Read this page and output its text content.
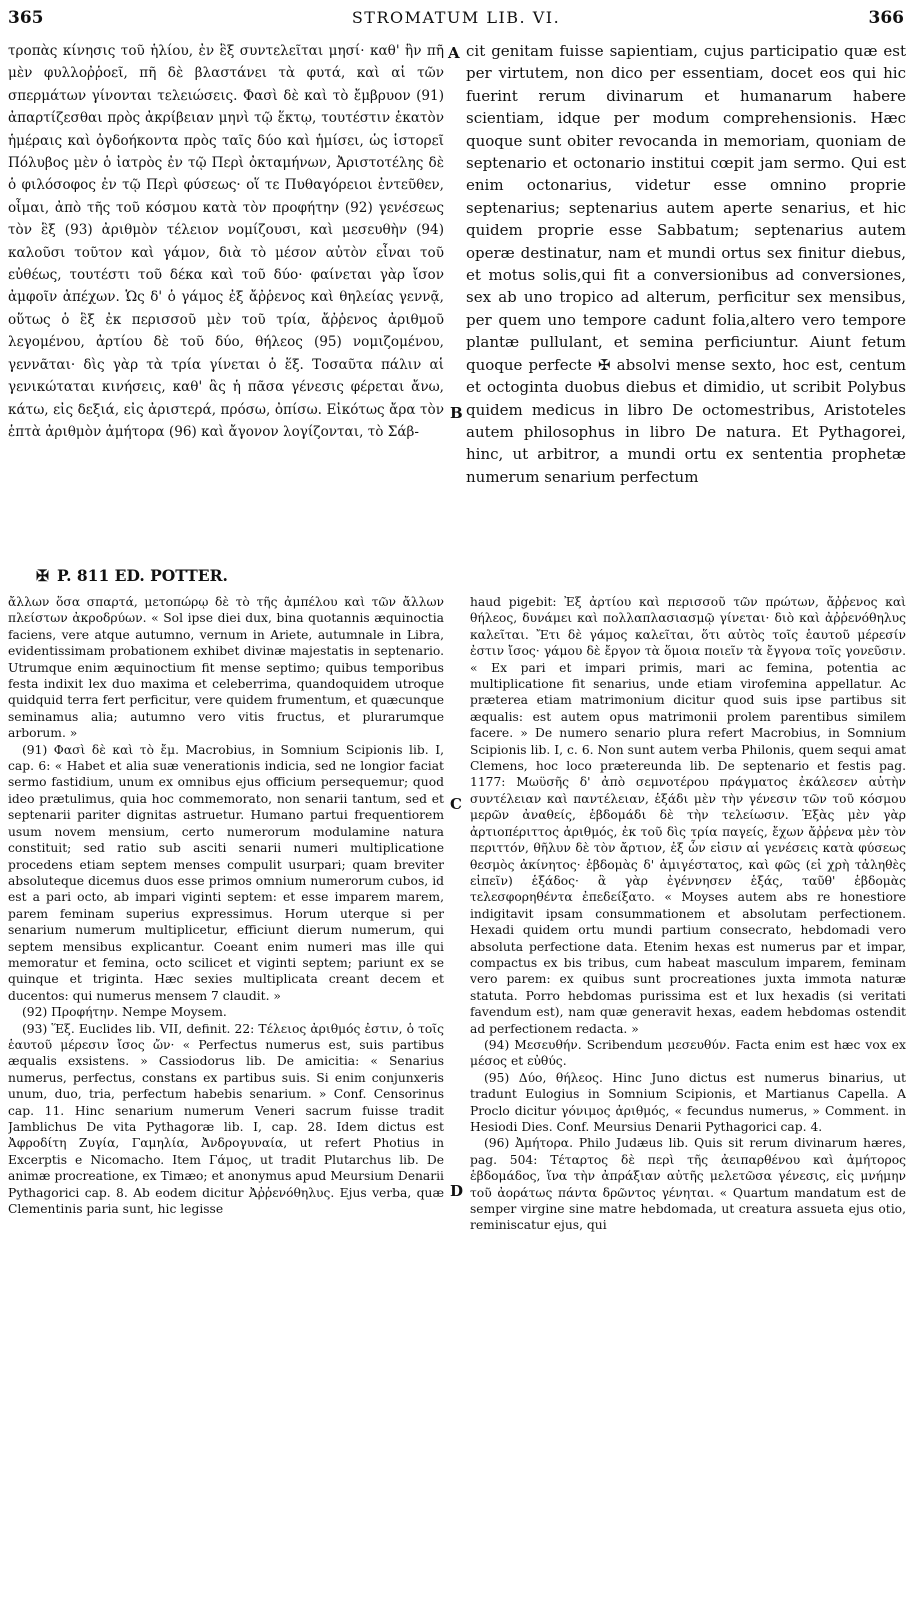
365	STROMATUM LIB. VI.	366

τροπὰς κίνησις τοῦ ἡλίου, ἐν ἓξ συντελεῖται μησί· καθ' ἣν πῆ μὲν φυλλοῤῥοεῖ, πῆ δὲ βλαστάνει τὰ φυτά, καὶ αἱ τῶν σπερμάτων γίνονται τελειώσεις. Φασὶ δὲ καὶ τὸ ἔμβρυον (91) ἀπαρτίζεσθαι πρὸς ἀκρίβειαν μηνὶ τῷ ἕκτῳ, τουτέστιν ἑκατὸν ἡμέραις καὶ ὀγδοήκοντα πρὸς ταῖς δύο καὶ ἡμίσει, ὡς ἱστορεῖ Πόλυβος μὲν ὁ ἰατρὸς ἐν τῷ Περὶ ὀκταμήνων, Ἀριστοτέλης δὲ ὁ φιλόσοφος ἐν τῷ Περὶ φύσεως· οἵ τε Πυθαγόρειοι ἐντεῦθεν, οἶμαι, ἀπὸ τῆς τοῦ κόσμου κατὰ τὸν προφήτην (92) γενέσεως τὸν ἓξ (93) ἀριθμὸν τέλειον νομίζουσι, καὶ μεσευθὴν (94) καλοῦσι τοῦτον καὶ γάμον, διὰ τὸ μέσον αὐτὸν εἶναι τοῦ εὐθέως, τουτέστι τοῦ δέκα καὶ τοῦ δύο· φαίνεται γὰρ ἴσον ἀμφοῖν ἀπέχων. Ὡς δ' ὁ γάμος ἐξ ἄῤῥενος καὶ θηλείας γεννᾷ, οὕτως ὁ ἓξ ἐκ περισσοῦ μὲν τοῦ τρία, ἄῤῥενος ἀριθμοῦ λεγομένου, ἀρτίου δὲ τοῦ δύο, θήλεος (95) νομιζομένου, γεννᾶται· δὶς γὰρ τὰ τρία γίνεται ὁ ἕξ. Τοσαῦτα πάλιν αἱ γενικώταται κινήσεις, καθ' ἃς ἡ πᾶσα γένεσις φέρεται ἄνω, κάτω, εἰς δεξιά, εἰς ἀριστερά, πρόσω, ὀπίσω. Εἰκότως ἄρα τὸν ἑπτὰ ἀριθμὸν ἀμήτορα (96) καὶ ἄγονον λογίζονται, τὸ Σάβ-

cit genitam fuisse sapientiam, cujus participatio quæ est per virtutem, non dico per essentiam, docet eos qui hic fuerint rerum divinarum et humanarum habere scientiam, idque per modum comprehensionis. Hæc quoque sunt obiter revocanda in memoriam, quoniam de septenario et octonario institui cœpit jam sermo. Qui est enim octonarius, videtur esse omnino proprie septenarius; septenarius autem aperte senarius, et hic quidem proprie esse Sabbatum; septenarius autem operæ destinatur, nam et mundi ortus sex finitur diebus, et motus solis,qui fit a conversionibus ad conversiones, sex ab uno tropico ad alterum, perficitur sex mensibus, per quem uno tempore cadunt folia,altero vero tempore plantæ pullulant, et semina perficiuntur. Aiunt fetum quoque perfecte ✠ absolvi mense sexto, hoc est, centum et octoginta duobus diebus et dimidio, ut scribit Polybus quidem medicus in libro De octomestribus, Aristoteles autem philosophus in libro De natura. Et Pythagorei, hinc, ut arbitror, a mundi ortu ex sententia prophetæ numerum senarium perfectum

A
B
C
D
✠ P. 811 ED. POTTER.

ἄλλων ὅσα σπαρτά, μετοπώρῳ δὲ τὸ τῆς ἀμπέλου καὶ τῶν ἄλλων πλείστων ἀκροδρύων. « Sol ipse diei dux, bina quotannis æquinoctia faciens, vere atque autumno, vernum in Ariete, autumnale in Libra, evidentissimam probationem exhibet divinæ majestatis in septenario. Utrumque enim æquinoctium fit mense septimo; quibus temporibus festa indixit lex duo maxima et celeberrima, quandoquidem utroque quidquid terra fert perficitur, vere quidem frumentum, et quæcunque seminamus alia; autumno vero vitis fructus, et plurarumque arborum. »

(91) Φασὶ δὲ καὶ τὸ ἔμ. Macrobius, in Somnium Scipionis lib. I, cap. 6: « Habet et alia suæ venerationis indicia, sed ne longior faciat sermo fastidium, unum ex omnibus ejus officium persequemur; quod ideo prætulimus, quia hoc commemorato, non senarii tantum, sed et septenarii pariter dignitas astruetur. Humano partui frequentiorem usum novem mensium, certo numerorum modulamine natura constituit; sed ratio sub asciti senarii numeri multiplicatione procedens etiam septem menses compulit usurpari; quam breviter absoluteque dicemus duos esse primos omnium numerorum cubos, id est a pari octo, ab impari viginti septem: et esse imparem marem, parem feminam superius expressimus. Horum uterque si per senarium numerum multiplicetur, efficiunt dierum numerum, qui septem mensibus explicantur. Coeant enim numeri mas ille qui memoratur et femina, octo scilicet et viginti septem; pariunt ex se quinque et triginta. Hæc sexies multiplicata creant decem et ducentos: qui numerus mensem 7 claudit. »

(92) Προφήτην. Nempe Moysem.

(93) Ἕξ. Euclides lib. VII, definit. 22: Τέλειος ἀριθμός ἐστιν, ὁ τοῖς ἑαυτοῦ μέρεσιν ἴσος ὤν· « Perfectus numerus est, suis partibus æqualis exsistens. » Cassiodorus lib. De amicitia: « Senarius numerus, perfectus, constans ex partibus suis. Si enim conjunxeris unum, duo, tria, perfectum habebis senarium. » Conf. Censorinus cap. 11. Hinc senarium numerum Veneri sacrum fuisse tradit Jamblichus De vita Pythagoræ lib. I, cap. 28. Idem dictus est Ἀφροδίτη Ζυγία, Γαμηλία, Ἀνδρογυναία, ut refert Photius in Excerptis e Nicomacho. Item Γάμος, ut tradit Plutarchus lib. De animæ procreatione, ex Timæo; et anonymus apud Meursium Denarii Pythagorici cap. 8. Ab eodem dicitur Ἀῤῥενόθηλυς. Ejus verba, quæ Clementinis paria sunt, hic legisse

haud pigebit: Ἐξ ἀρτίου καὶ περισσοῦ τῶν πρώτων, ἄῤῥενος καὶ θήλεος, δυνάμει καὶ πολλαπλασιασμῷ γίνεται· διὸ καὶ ἀῤῥενόθηλυς καλεῖται. Ἔτι δὲ γάμος καλεῖται, ὅτι αὐτὸς τοῖς ἑαυτοῦ μέρεσίν ἐστιν ἴσος· γάμου δὲ ἔργον τὰ ὅμοια ποιεῖν τὰ ἔγγονα τοῖς γονεῦσιν. « Ex pari et impari primis, mari ac femina, potentia ac multiplicatione fit senarius, unde etiam virofemina appellatur. Ac præterea etiam matrimonium dicitur quod suis ipse partibus sit æqualis: est autem opus matrimonii prolem parentibus similem facere. » De numero senario plura refert Macrobius, in Somnium Scipionis lib. I, c. 6. Non sunt autem verba Philonis, quem sequi amat Clemens, hoc loco prætereunda lib. De septenario et festis pag. 1177: Μωϋσῆς δ' ἀπὸ σεμνοτέρου πράγματος ἐκάλεσεν αὐτὴν συντέλειαν καὶ παντέλειαν, ἑξάδι μὲν τὴν γένεσιν τῶν τοῦ κόσμου μερῶν ἀναθείς, ἑβδομάδι δὲ τὴν τελείωσιν. Ἑξὰς μὲν γὰρ ἀρτιοπέριττος ἀριθμός, ἐκ τοῦ δὶς τρία παγείς, ἔχων ἄῤῥενα μὲν τὸν περιττόν, θῆλυν δὲ τὸν ἄρτιον, ἐξ ὧν εἰσιν αἱ γενέσεις κατὰ φύσεως θεσμὸς ἀκίνητος· ἑβδομὰς δ' ἀμιγέστατος, καὶ φῶς (εἰ χρὴ τἀληθὲς εἰπεῖν) ἑξάδος· ἃ γὰρ ἐγέννησεν ἑξάς, ταῦθ' ἑβδομὰς τελεσφορηθέντα ἐπεδείξατο. « Moyses autem abs re honestiore indigitavit ipsam consummationem et absolutam perfectionem. Hexadi quidem ortu mundi partium consecrato, hebdomadi vero absoluta perfectione data. Etenim hexas est numerus par et impar, compactus ex bis tribus, cum habeat masculum imparem, feminam vero parem: ex quibus sunt procreationes juxta immota naturæ statuta. Porro hebdomas purissima est et lux hexadis (si veritati favendum est), nam quæ generavit hexas, eadem hebdomas ostendit ad perfectionem redacta. »

(94) Μεσευθήν. Scribendum μεσευθύν. Facta enim est hæc vox ex μέσος et εὐθύς.

(95) Δύο, θήλεος. Hinc Juno dictus est numerus binarius, ut tradunt Eulogius in Somnium Scipionis, et Martianus Capella. A Proclo dicitur γόνιμος ἀριθμός, « fecundus numerus, » Comment. in Hesiodi Dies. Conf. Meursius Denarii Pythagorici cap. 4.

(96) Ἀμήτορα. Philo Judæus lib. Quis sit rerum divinarum hæres, pag. 504: Τέταρτος δὲ περὶ τῆς ἀειπαρθένου καὶ ἀμήτορος ἑβδομάδος, ἵνα τὴν ἀπράξιαν αὐτῆς μελετῶσα γένεσις, εἰς μνήμην τοῦ ἀοράτως πάντα δρῶντος γένηται. « Quartum mandatum est de semper virgine sine matre hebdomada, ut creatura assueta ejus otio, reminiscatur ejus, qui
